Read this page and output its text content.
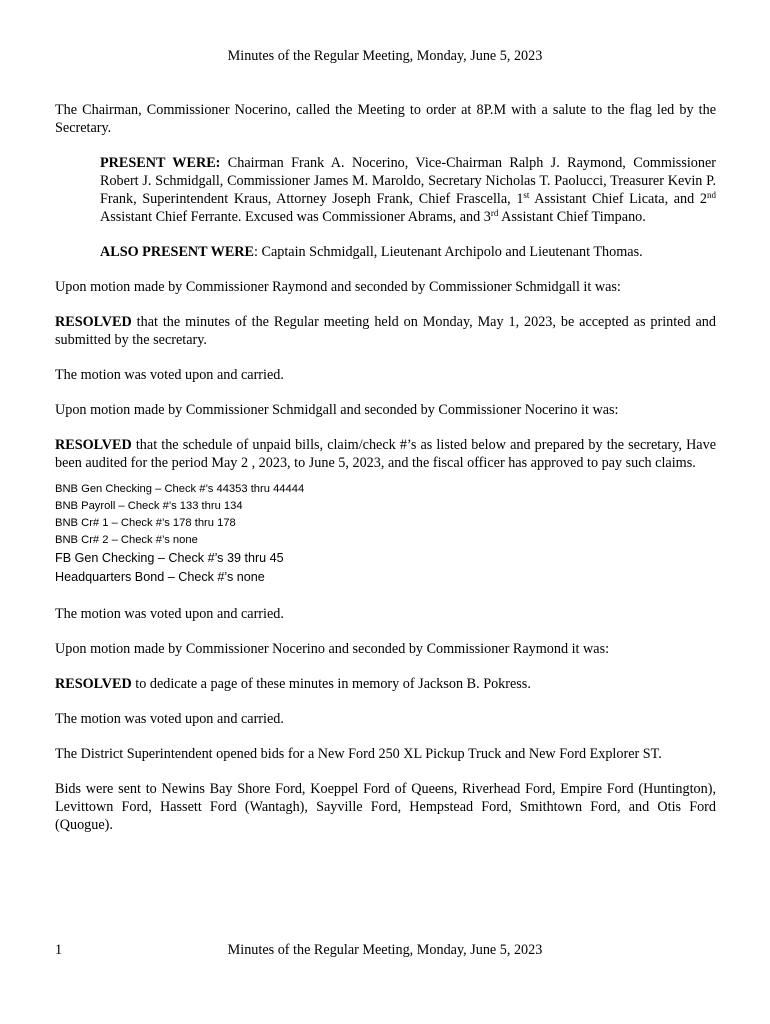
Minutes of the Regular Meeting, Monday, June 5, 2023

The Chairman, Commissioner Nocerino, called the Meeting to order at 8P.M with a salute to the flag led by the Secretary.

PRESENT WERE: Chairman Frank A. Nocerino, Vice-Chairman Ralph J. Raymond, Commissioner Robert J. Schmidgall, Commissioner James M. Maroldo, Secretary Nicholas T. Paolucci, Treasurer Kevin P. Frank, Superintendent Kraus, Attorney Joseph Frank, Chief Frascella, 1st Assistant Chief Licata, and 2nd Assistant Chief Ferrante. Excused was Commissioner Abrams, and 3rd Assistant Chief Timpano.

ALSO PRESENT WERE: Captain Schmidgall, Lieutenant Archipolo and Lieutenant Thomas.

Upon motion made by Commissioner Raymond and seconded by Commissioner Schmidgall it was:

RESOLVED that the minutes of the Regular meeting held on Monday, May 1, 2023, be accepted as printed and submitted by the secretary.

The motion was voted upon and carried.

Upon motion made by Commissioner Schmidgall and seconded by Commissioner Nocerino it was:

RESOLVED that the schedule of unpaid bills, claim/check #’s as listed below and prepared by the secretary, Have been audited for the period May 2 , 2023, to June 5, 2023, and the fiscal officer has approved to pay such claims.

BNB Gen Checking – Check #’s 44353 thru 44444
BNB Payroll – Check #’s 133 thru 134
BNB Cr# 1 – Check #’s 178 thru 178
BNB Cr# 2 – Check #’s none
FB Gen Checking – Check #’s 39 thru 45
Headquarters Bond – Check #’s none

The motion was voted upon and carried.

Upon motion made by Commissioner Nocerino and seconded by Commissioner Raymond it was:

RESOLVED to dedicate a page of these minutes in memory of Jackson B. Pokress.

The motion was voted upon and carried.

The District Superintendent opened bids for a New Ford 250 XL Pickup Truck and New Ford Explorer ST.

Bids were sent to Newins Bay Shore Ford, Koeppel Ford of Queens, Riverhead Ford, Empire Ford (Huntington), Levittown Ford, Hassett Ford (Wantagh), Sayville Ford, Hempstead Ford, Smithtown Ford, and Otis Ford (Quogue).

1	Minutes of the Regular Meeting, Monday, June 5, 2023
